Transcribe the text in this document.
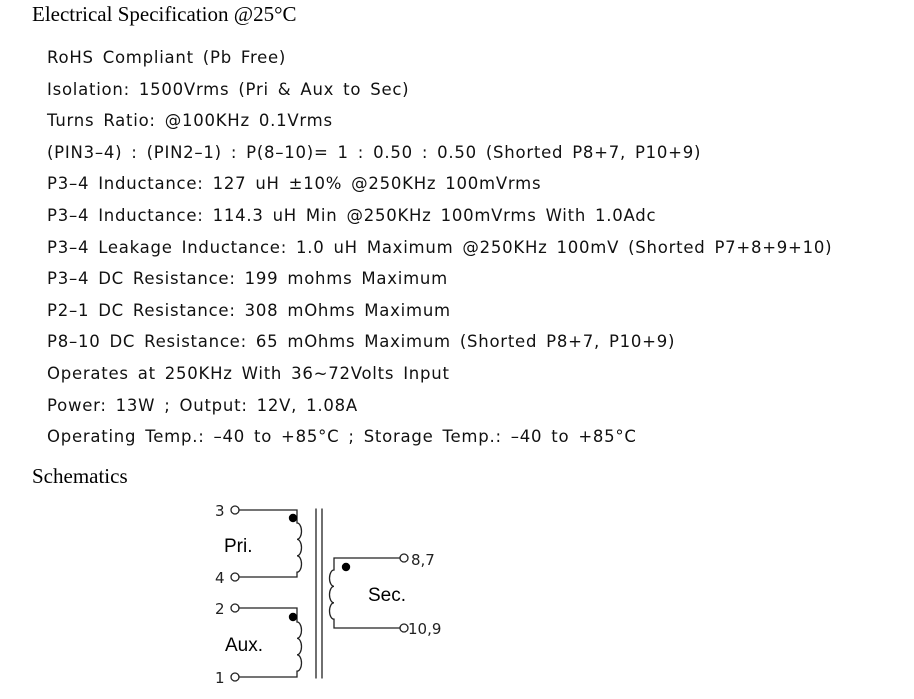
Electrical Specification @25°C
RoHS Compliant (Pb Free)
Isolation: 1500Vrms (Pri & Aux to Sec)
Turns Ratio: @100KHz 0.1Vrms
(PIN3–4) : (PIN2–1) : P(8–10)= 1 : 0.50 : 0.50 (Shorted P8+7, P10+9)
P3–4 Inductance: 127 uH ±10% @250KHz 100mVrms
P3–4 Inductance: 114.3 uH Min @250KHz 100mVrms With 1.0Adc
P3–4 Leakage Inductance: 1.0 uH Maximum @250KHz 100mV (Shorted P7+8+9+10)
P3–4 DC Resistance: 199 mohms Maximum
P2–1 DC Resistance: 308 mOhms Maximum
P8–10 DC Resistance: 65 mOhms Maximum (Shorted P8+7, P10+9)
Operates at 250KHz With 36~72Volts Input
Power: 13W ; Output: 12V, 1.08A
Operating Temp.: –40 to +85°C ; Storage Temp.: –40 to +85°C
Schematics
3
4
2
1
8,7
10,9
Pri.
Aux.
Sec.
